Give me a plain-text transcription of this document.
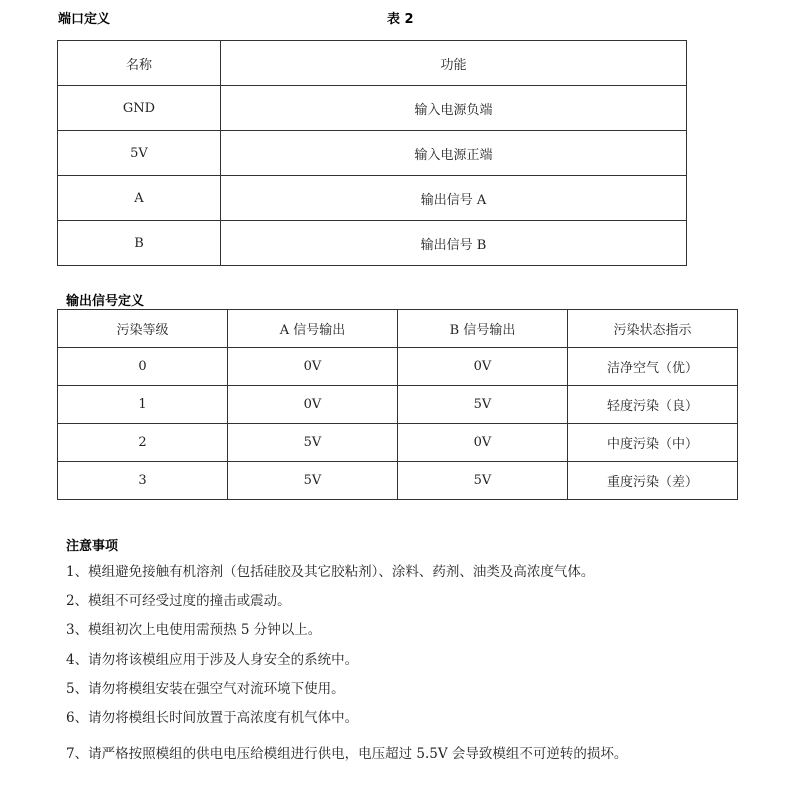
端口定义	表 2
名称	功能
GND	输入电源负端
5V	输入电源正端
A	输出信号 A
B	输出信号 B
输出信号定义
污染等级	A 信号输出	B 信号输出	污染状态指示
0	0V	0V	洁净空气（优）
1	0V	5V	轻度污染（良）
2	5V	0V	中度污染（中）
3	5V	5V	重度污染（差）
注意事项
1、模组避免接触有机溶剂（包括硅胶及其它胶粘剂）、涂料、药剂、油类及高浓度气体。
2、模组不可经受过度的撞击或震动。
3、模组初次上电使用需预热 5 分钟以上。
4、请勿将该模组应用于涉及人身安全的系统中。
5、请勿将模组安装在强空气对流环境下使用。
6、请勿将模组长时间放置于高浓度有机气体中。
7、请严格按照模组的供电电压给模组进行供电，电压超过 5.5V 会导致模组不可逆转的损坏。
